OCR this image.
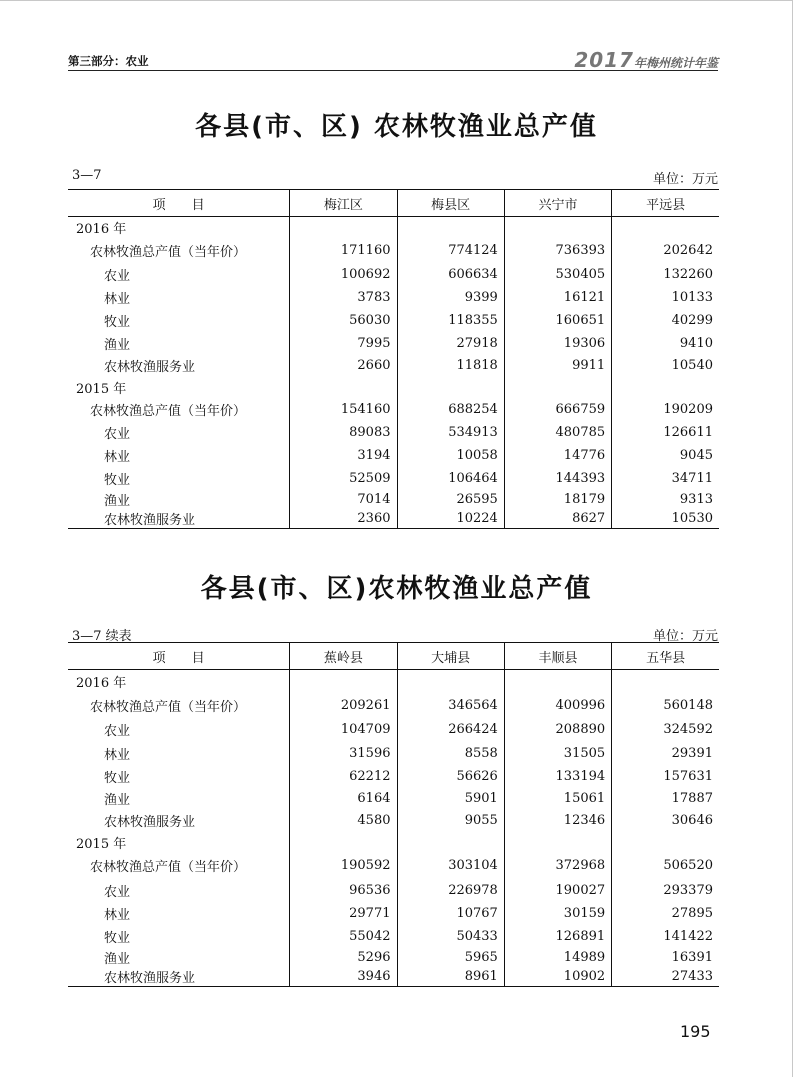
第三部分：农业	2017年梅州统计年鉴
各县(市、区) 农林牧渔业总产值
3—7	单位：万元
项　　目	梅江区	梅县区	兴宁市	平远县
2016 年				
农林牧渔总产值（当年价）	171160	774124	736393	202642
农业	100692	606634	530405	132260
林业	3783	9399	16121	10133
牧业	56030	118355	160651	40299
渔业	7995	27918	19306	9410
农林牧渔服务业	2660	11818	9911	10540
2015 年				
农林牧渔总产值（当年价）	154160	688254	666759	190209
农业	89083	534913	480785	126611
林业	3194	10058	14776	9045
牧业	52509	106464	144393	34711
渔业	7014	26595	18179	9313
农林牧渔服务业	2360	10224	8627	10530
各县(市、区)农林牧渔业总产值
3—7 续表	单位：万元
项　　目	蕉岭县	大埔县	丰顺县	五华县
2016 年				
农林牧渔总产值（当年价）	209261	346564	400996	560148
农业	104709	266424	208890	324592
林业	31596	8558	31505	29391
牧业	62212	56626	133194	157631
渔业	6164	5901	15061	17887
农林牧渔服务业	4580	9055	12346	30646
2015 年				
农林牧渔总产值（当年价）	190592	303104	372968	506520
农业	96536	226978	190027	293379
林业	29771	10767	30159	27895
牧业	55042	50433	126891	141422
渔业	5296	5965	14989	16391
农林牧渔服务业	3946	8961	10902	27433
195
